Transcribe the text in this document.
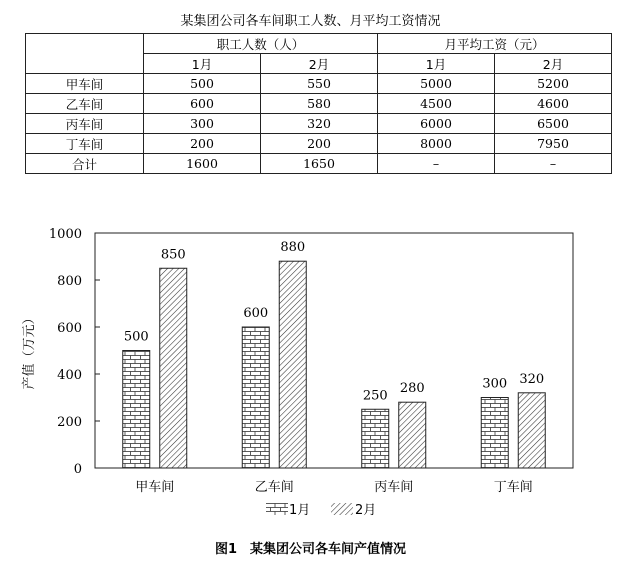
某集团公司各车间职工人数、月平均工资情况
	职工人数（人）		月平均工资（元）	
	1月	2月	1月	2月
甲车间	500	550	5000	5200
乙车间	600	580	4500	4600
丙车间	300	320	6000	6500
丁车间	200	200	8000	7950
合计	1600	1650	–	–
0
200
400
600
800
1000
产值（万元）	500
850
甲车间
600
880
乙车间
250 280
丙车间
300 320
丁车间
1月	2月
图1　某集团公司各车间产值情况
